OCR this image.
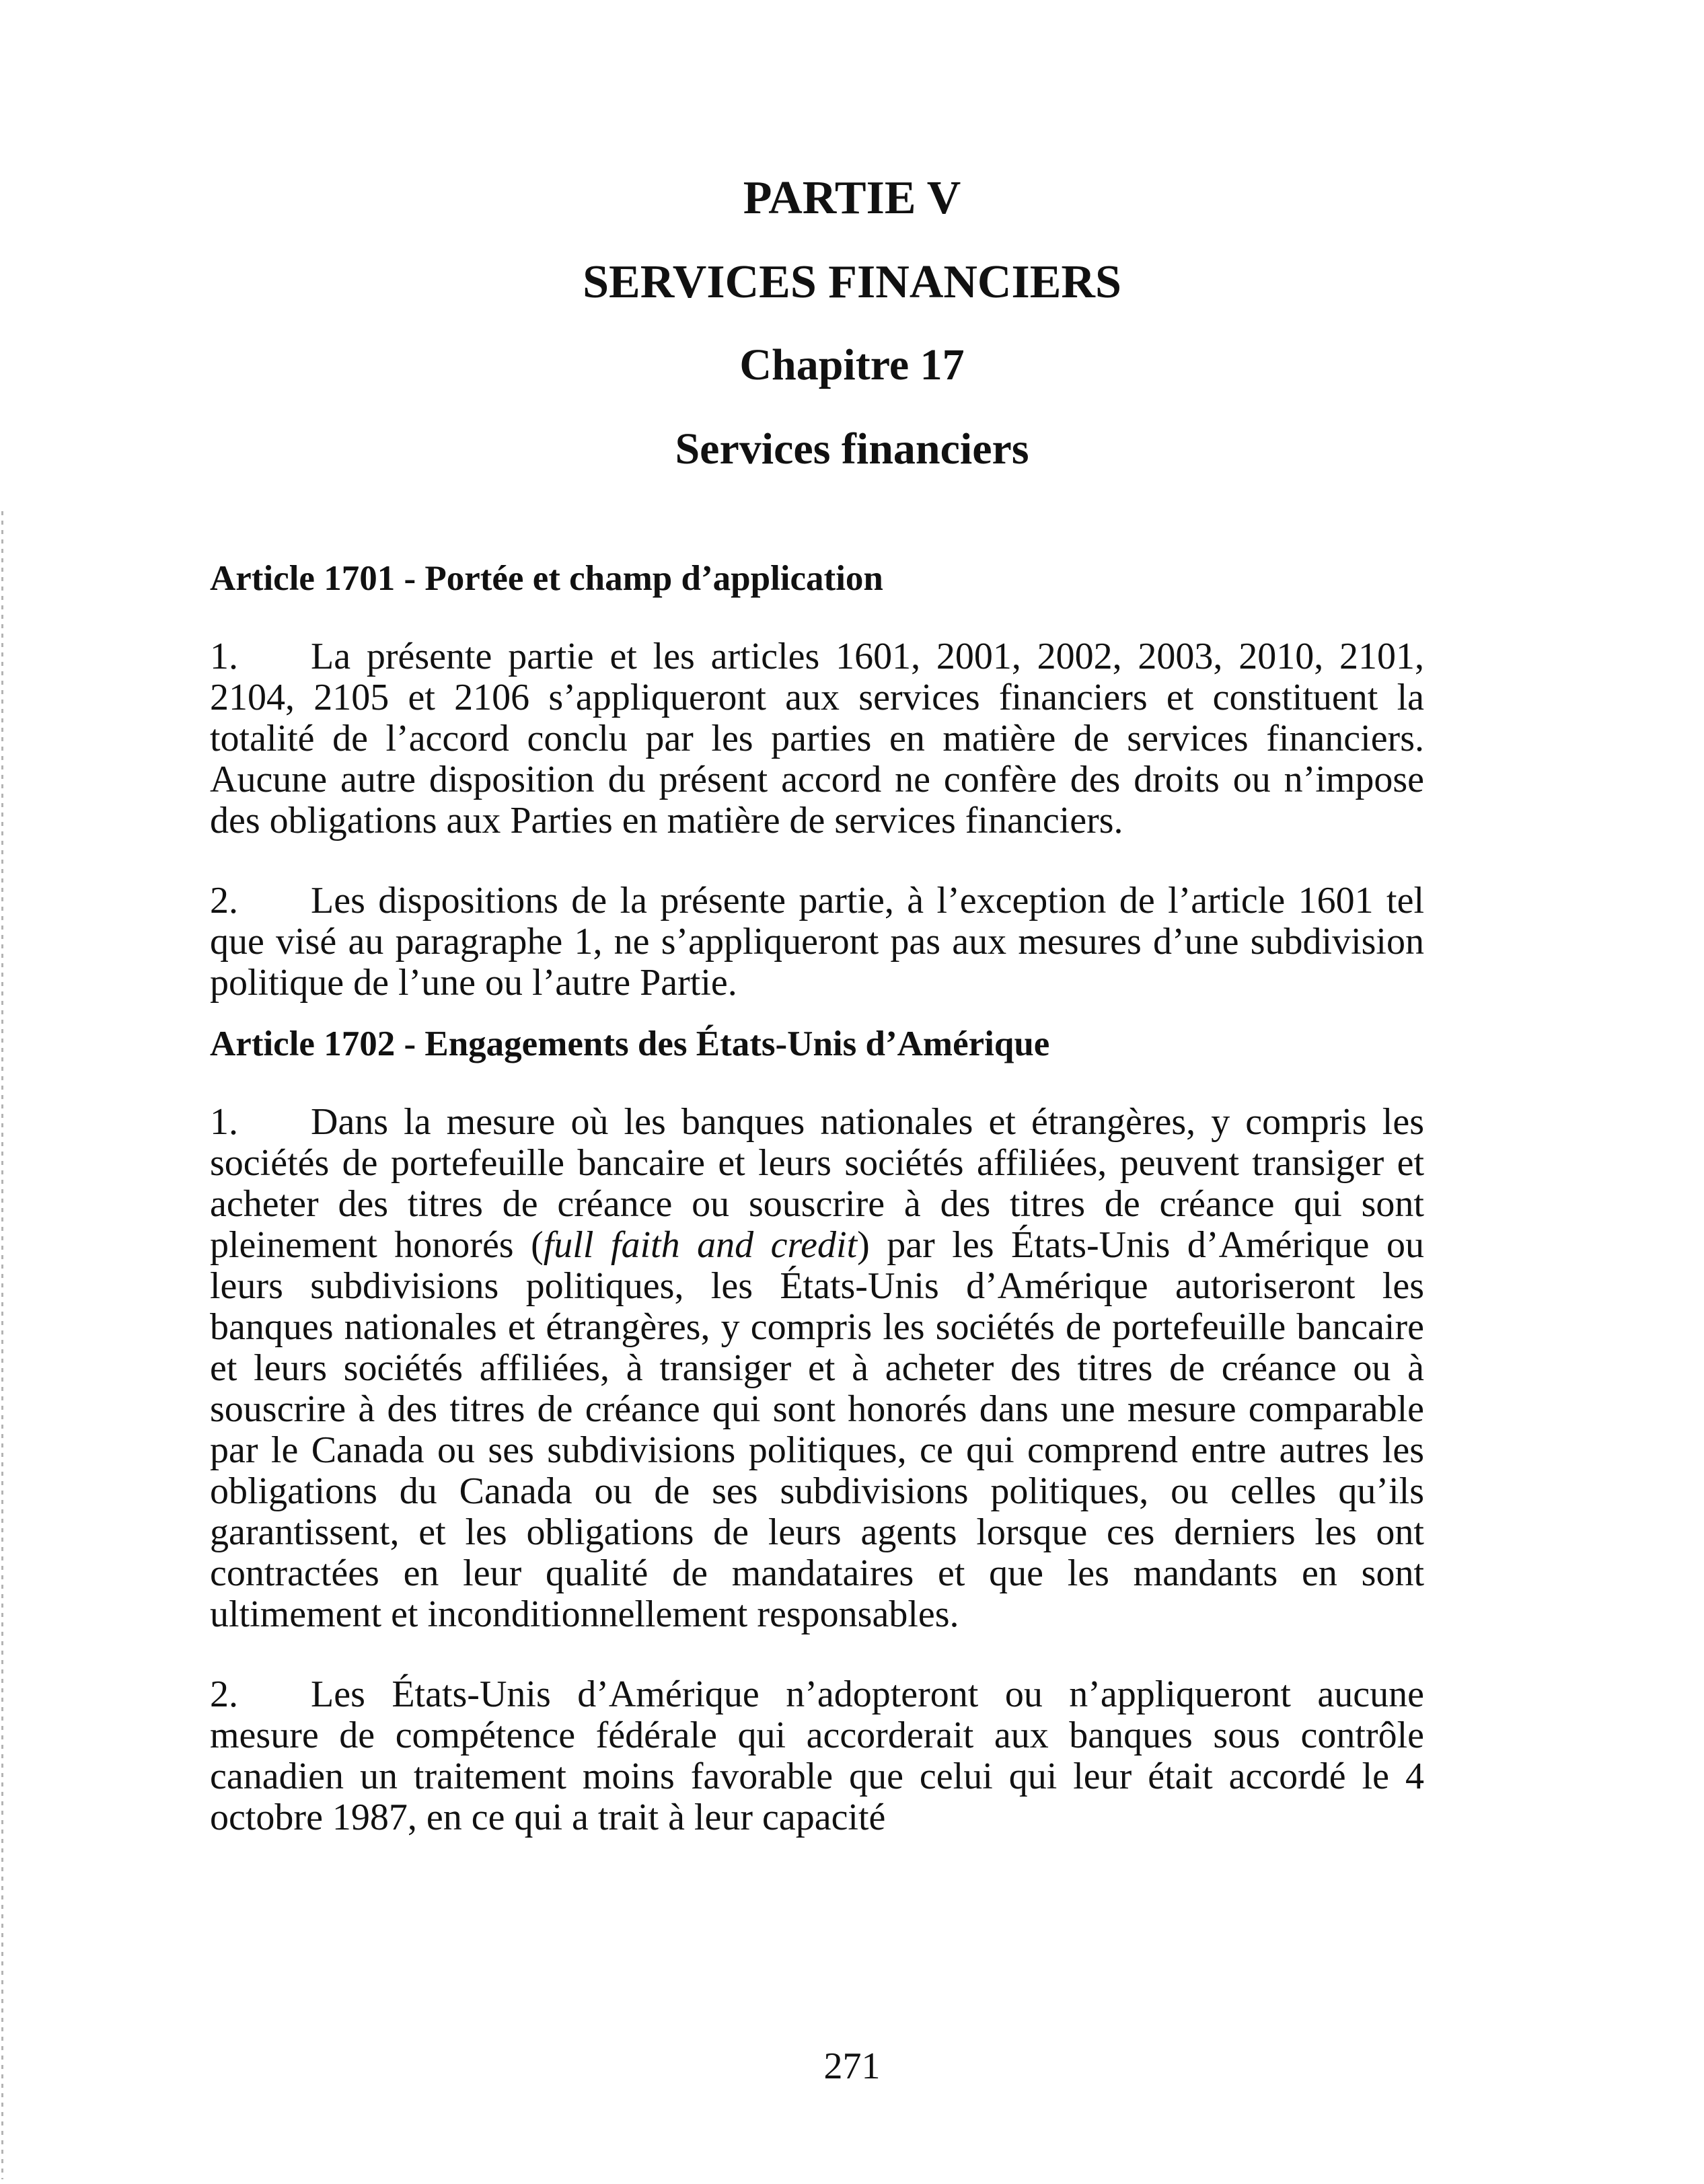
PARTIE V
SERVICES FINANCIERS
Chapitre 17
Services financiers

Article 1701 - Portée et champ d’application

1. La présente partie et les articles 1601, 2001, 2002, 2003, 2010, 2101, 2104, 2105 et 2106 s’appliqueront aux services financiers et constituent la totalité de l’accord conclu par les parties en matière de services financiers. Aucune autre disposition du présent accord ne confère des droits ou n’impose des obligations aux Parties en matière de services financiers.

2. Les dispositions de la présente partie, à l’exception de l’article 1601 tel que visé au paragraphe 1, ne s’appliqueront pas aux mesures d’une subdivision politique de l’une ou l’autre Partie.

Article 1702 - Engagements des États-Unis d’Amérique

1. Dans la mesure où les banques nationales et étrangères, y compris les sociétés de portefeuille bancaire et leurs sociétés affiliées, peuvent transiger et acheter des titres de créance ou souscrire à des titres de créance qui sont pleinement honorés (full faith and credit) par les États-Unis d’Amérique ou leurs subdivisions politiques, les États-Unis d’Amérique autoriseront les banques nationales et étrangères, y compris les sociétés de portefeuille bancaire et leurs sociétés affiliées, à transiger et à acheter des titres de créance ou à souscrire à des titres de créance qui sont honorés dans une mesure comparable par le Canada ou ses subdivisions politiques, ce qui comprend entre autres les obligations du Canada ou de ses subdivisions politiques, ou celles qu’ils garantissent, et les obligations de leurs agents lorsque ces derniers les ont contractées en leur qualité de mandataires et que les mandants en sont ultimement et inconditionnellement responsables.

2. Les États-Unis d’Amérique n’adopteront ou n’appliqueront aucune mesure de compétence fédérale qui accorderait aux banques sous contrôle canadien un traitement moins favorable que celui qui leur était accordé le 4 octobre 1987, en ce qui a trait à leur capacité

271
